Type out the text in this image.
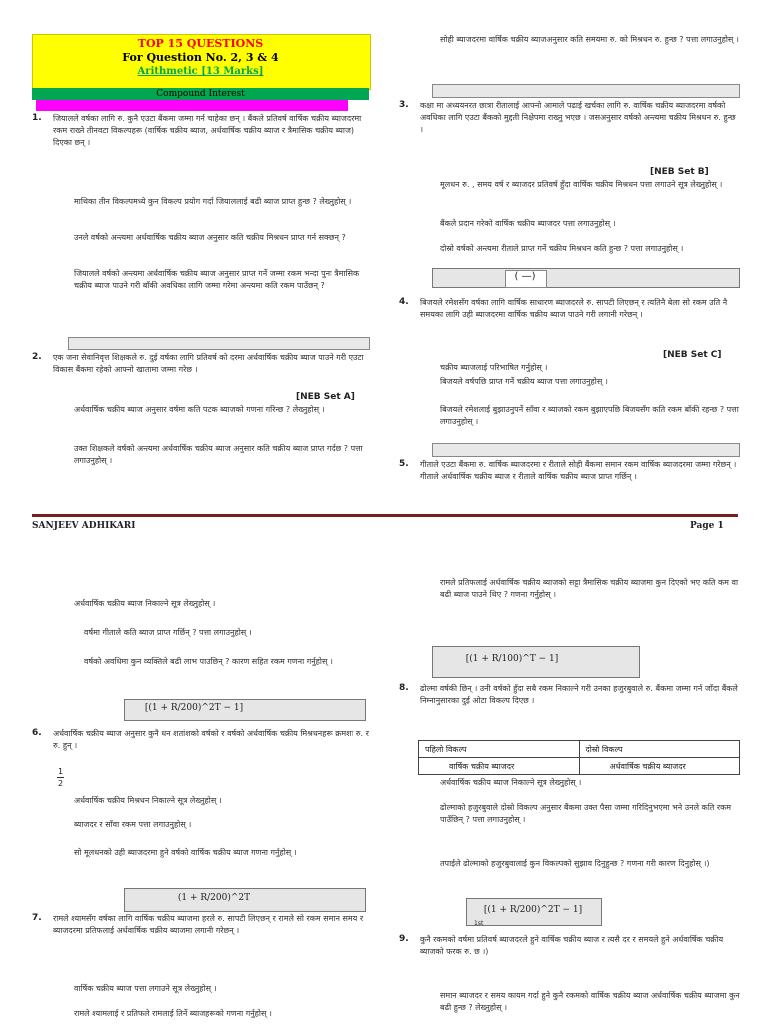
TOP 15 QUESTIONS
For Question No. 2, 3 & 4
Arithmetic [13 Marks]
Compound Interest
1. जियालले वर्षका लागि रु. कुनै एउटा बैंकमा जम्मा गर्न चाहेका छन् । बैंकले प्रतिवर्ष वार्षिक चक्रीय ब्याजदरमा रकम राख्ने तीनवटा विकल्पहरू (वार्षिक चक्रीय ब्याज, अर्धवार्षिक चक्रीय ब्याज र त्रैमासिक चक्रीय ब्याज) दिएका छन् ।
माथिका तीन विकल्पमध्ये कुन विकल्प प्रयोग गर्दा जियाललाई बढी ब्याज प्राप्त हुन्छ ? लेख्नुहोस् ।
उनले वर्षको अन्त्यमा अर्धवार्षिक चक्रीय ब्याज अनुसार कति चक्रीय मिश्रधन प्राप्त गर्न सक्छन् ?
जियालले वर्षको अन्त्यमा अर्धवार्षिक चक्रीय ब्याज अनुसार प्राप्त गर्ने जम्मा रकम भन्दा पुनः त्रैमासिक चक्रीय ब्याज पाउने गरी बाँकी अवधिका लागि जम्मा गरेमा अन्त्यमा कति रकम पाउँछन् ?
2. एक जना सेवानिवृत्त शिक्षकले रु. दुई वर्षका लागि प्रतिवर्ष को दरमा अर्धवार्षिक चक्रीय ब्याज पाउने गरी एउटा विकास बैंकमा रहेको आफ्नो खातामा जम्मा गरेछ ।
[NEB Set A]
अर्धवार्षिक चक्रीय ब्याज अनुसार वर्षमा कति पटक ब्याजको गणना गरिन्छ ? लेख्नुहोस् ।
उक्त शिक्षकले वर्षको अन्त्यमा अर्धवार्षिक चक्रीय ब्याज अनुसार कति चक्रीय ब्याज प्राप्त गर्दछ ? पत्ता लगाउनुहोस् ।
सोही ब्याजदरमा वार्षिक चक्रीय ब्याजअनुसार कति समयमा रु. को मिश्रधन रु. हुन्छ ? पत्ता लगाउनुहोस् ।
3. कक्षा मा अध्ययनरत छात्रा रीतालाई आफ्नो आमाले पढाई खर्चका लागि रु. वार्षिक चक्रीय ब्याजदरमा वर्षको अवधिका लागि एउटा बैंकको मुद्दती निक्षेपमा राख्नु भएछ । जसअनुसार वर्षको अन्त्यमा चक्रीय मिश्रधन रु. हुन्छ ।
[NEB Set B]
मूलधन रु. , समय वर्ष र ब्याजदर प्रतिवर्ष हुँदा वार्षिक चक्रीय मिश्रधन पत्ता लगाउने सूत्र लेख्नुहोस् ।
बैंकले प्रदान गरेको वार्षिक चक्रीय ब्याजदर पत्ता लगाउनुहोस् ।
दोस्रो वर्षको अन्त्यमा रीताले प्राप्त गर्ने चक्रीय मिश्रधन कति हुन्छ ? पत्ता लगाउनुहोस् ।
( —)
4. बिजयले रमेशसँग वर्षका लागि वार्षिक साधारण ब्याजदरले रु. सापटी लिएछन् र त्यतिनै बेला सो रकम उति नै समयका लागि उही ब्याजदरमा वार्षिक चक्रीय ब्याज पाउने गरी लगानी गरेछन् ।
[NEB Set C]
चक्रीय ब्याजलाई परिभाषित गर्नुहोस् ।
बिजयले वर्षपछि प्राप्त गर्ने चक्रीय ब्याज पत्ता लगाउनुहोस् ।
बिजयले रमेशलाई बुझाउनुपर्ने साँवा र ब्याजको रकम बुझाएपछि बिजयसँग कति रकम बाँकी रहन्छ ? पत्ता लगाउनुहोस् ।
5. गीताले एउटा बैंकमा रु. वार्षिक ब्याजदरमा र रीताले सोही बैंकमा समान रकम वार्षिक ब्याजदरमा जम्मा गरेछन् । गीताले अर्धवार्षिक चक्रीय ब्याज र रीताले वार्षिक चक्रीय ब्याज प्राप्त गर्छिन् ।
SANJEEV ADHIKARI	Page 1
अर्धवार्षिक चक्रीय ब्याज निकाल्ने सूत्र लेख्नुहोस् ।
वर्षमा गीताले कति ब्याज प्राप्त गर्छिन् ? पत्ता लगाउनुहोस् ।
वर्षको अवधिमा कुन व्यक्तिले बढी लाभ पाउछिन् ? कारण सहित रकम गणना गर्नुहोस् ।
[(1 + R/200)^2T − 1]
6. अर्धवार्षिक चक्रीय ब्याज अनुसार कुनै धन शतांशको वर्षको र वर्षको अर्धवार्षिक चक्रीय मिश्रधनहरू क्रमशः रु. र रु. हुन् ।
1
2
अर्धवार्षिक चक्रीय मिश्रधन निकाल्ने सूत्र लेख्नुहोस् ।
ब्याजदर र साँवा रकम पत्ता लगाउनुहोस् ।
सो मूलधनको उही ब्याजदरमा हुने वर्षको वार्षिक चक्रीय ब्याज गणना गर्नुहोस् ।
(1 + R/200)^2T
7. रामले श्यामसँग वर्षका लागि वार्षिक चक्रीय ब्याजमा हरले रु. सापटी लिएछन् र रामले सो रकम समान समय र ब्याजदरमा प्रतिफलाई अर्धवार्षिक चक्रीय ब्याजमा लगानी गरेछन् ।
वार्षिक चक्रीय ब्याज पत्ता लगाउने सूत्र लेख्नुहोस् ।
रामले श्यामलाई र प्रतिफले रामलाई तिर्ने ब्याजहरूको गणना गर्नुहोस् ।
रामले प्रतिफलाई अर्धवार्षिक चक्रीय ब्याजको सट्टा त्रैमासिक चक्रीय ब्याजमा कुन दिएको भए कति कम वा बढी ब्याज पाउने थिए ? गणना गर्नुहोस् ।
[(1 + R/100)^T − 1]
8. ढोल्मा वर्षकी छिन् । उनी वर्षको हुँदा सबै रकम निकाल्ने गरी उनका हजुरबुवाले रु. बैंकमा जम्मा गर्न जाँदा बैंकले निम्नानुसारका दुई ओटा विकल्प दिएछ ।
पहिलो विकल्प	दोस्रो विकल्प
वार्षिक चक्रीय ब्याजदर	अर्धवार्षिक चक्रीय ब्याजदर
अर्धवार्षिक चक्रीय ब्याज निकाल्ने सूत्र लेख्नुहोस् ।
ढोल्माको हजुरबुवाले दोस्रो विकल्प अनुसार बैंकमा उक्त पैसा जम्मा गरिदिनुभएमा भने उनले कति रकम पाउँछिन् ? पत्ता लगाउनुहोस् ।
तपाईले ढोल्माको हजुरबुवालाई कुन विकल्पको सुझाव दिनुहुन्छ ? गणना गरी कारण दिनुहोस् ।)
[(1 + R/200)^2T − 1]
1st
9. कुनै रकमको वर्षमा प्रतिवर्ष ब्याजदरले हुने वार्षिक चक्रीय ब्याज र त्यसै दर र समयले हुने अर्धवार्षिक चक्रीय ब्याजको फरक रु. छ ।)
समान ब्याजदर र समय कायम गर्दा हुने कुनै रकमको वार्षिक चक्रीय ब्याज अर्धवार्षिक चक्रीय ब्याजमा कुन बढी हुन्छ ? लेख्नुहोस् ।
